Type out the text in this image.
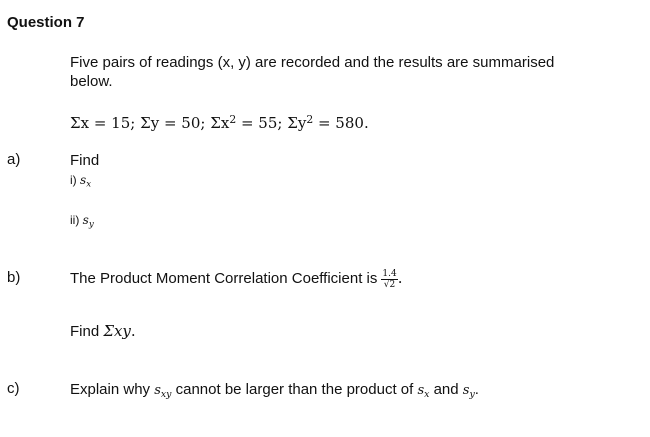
Question 7
Five pairs of readings (x, y) are recorded and the results are summarised
below.
Σx = 15; Σy = 50; $\Sigma x^2 = 55$; $\Sigma y^2 = 580$.
a)	Find
i) $s_x$
ii) $s_y$
b)	The Product Moment Correlation Coefficient is $\frac{1.4}{√2}$ .
Find Σxy.
c)	Explain why $s_{xy}$ cannot be larger than the product of $s_x$ and $s_y$.
